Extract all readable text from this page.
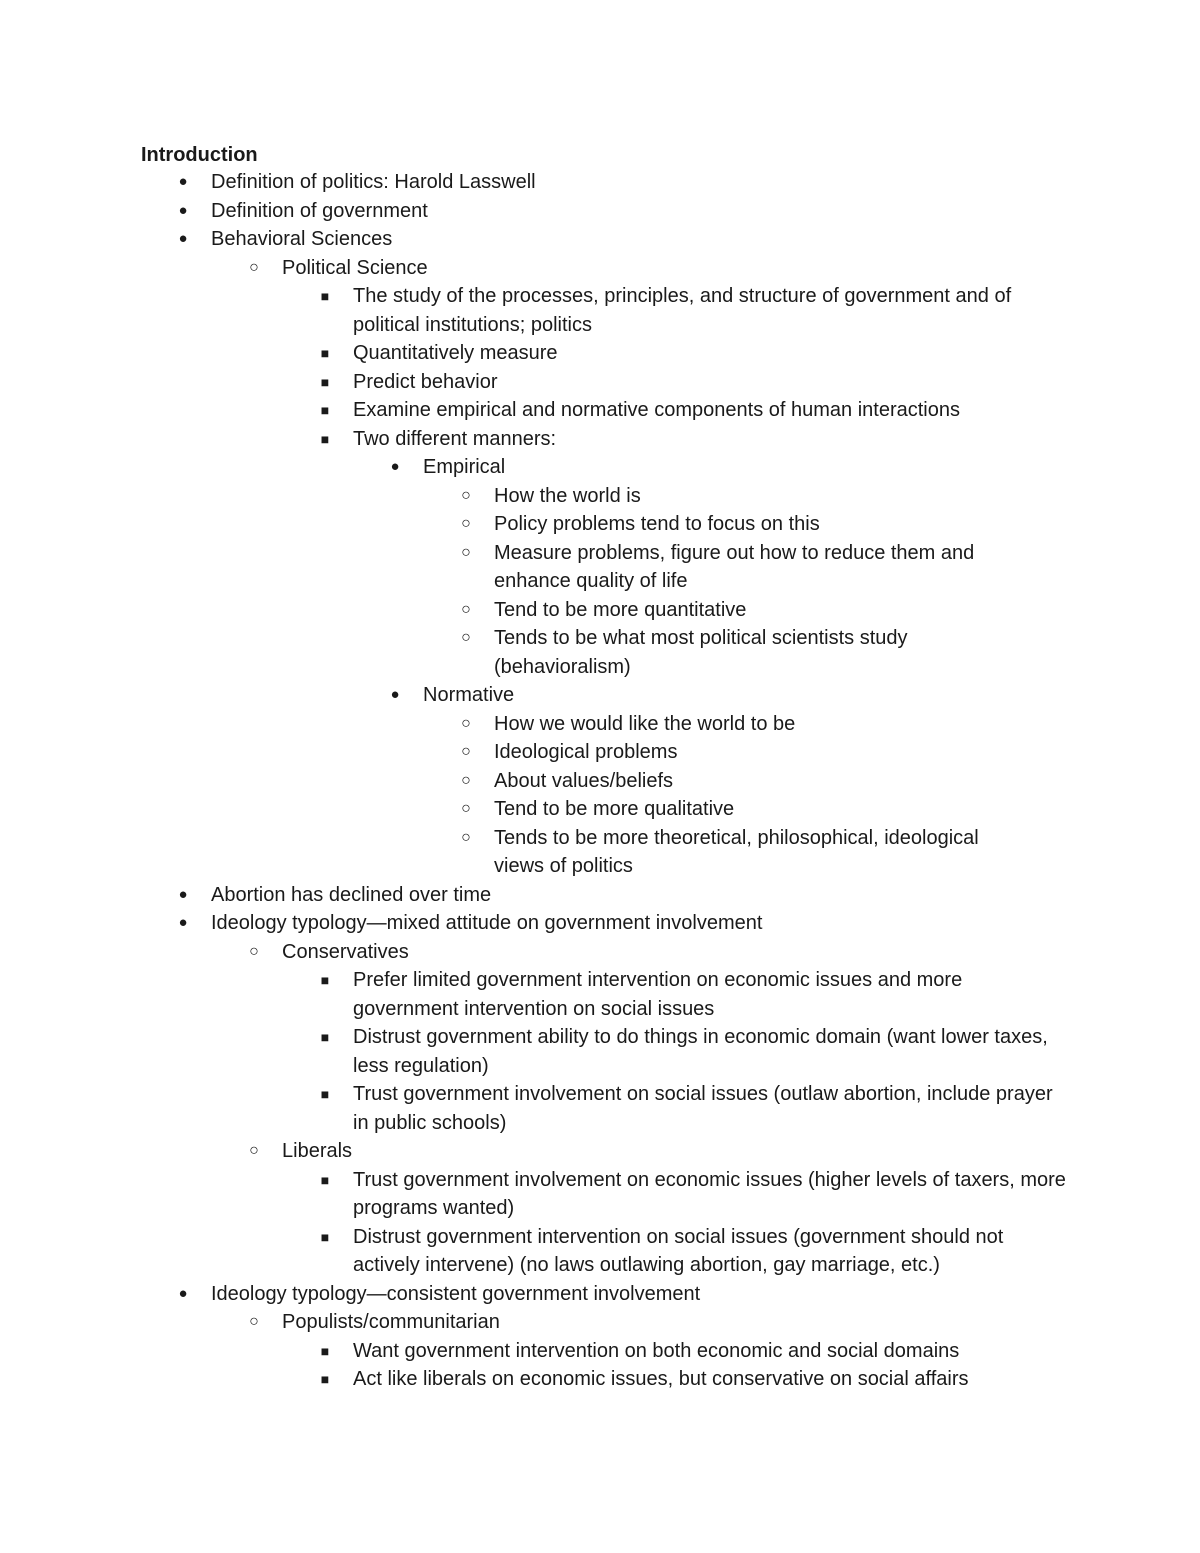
Introduction
● Definition of politics: Harold Lasswell
● Definition of government
● Behavioral Sciences
○ Political Science
■ The study of the processes, principles, and structure of government and of political institutions; politics
■ Quantitatively measure
■ Predict behavior
■ Examine empirical and normative components of human interactions
■ Two different manners:
● Empirical
○ How the world is
○ Policy problems tend to focus on this
○ Measure problems, figure out how to reduce them and enhance quality of life
○ Tend to be more quantitative
○ Tends to be what most political scientists study (behavioralism)
● Normative
○ How we would like the world to be
○ Ideological problems
○ About values/beliefs
○ Tend to be more qualitative
○ Tends to be more theoretical, philosophical, ideological views of politics
● Abortion has declined over time
● Ideology typology—mixed attitude on government involvement
○ Conservatives
■ Prefer limited government intervention on economic issues and more government intervention on social issues
■ Distrust government ability to do things in economic domain (want lower taxes, less regulation)
■ Trust government involvement on social issues (outlaw abortion, include prayer in public schools)
○ Liberals
■ Trust government involvement on economic issues (higher levels of taxers, more programs wanted)
■ Distrust government intervention on social issues (government should not actively intervene) (no laws outlawing abortion, gay marriage, etc.)
● Ideology typology—consistent government involvement
○ Populists/communitarian
■ Want government intervention on both economic and social domains
■ Act like liberals on economic issues, but conservative on social affairs
